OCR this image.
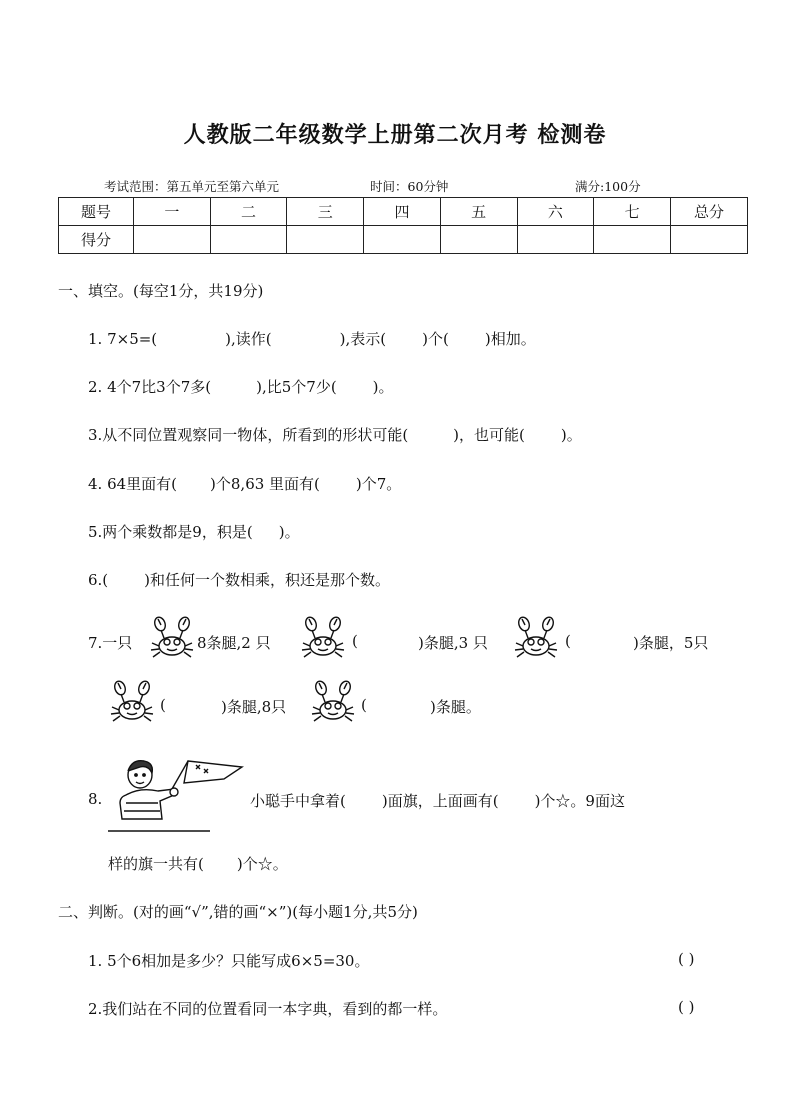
人教版二年级数学上册第二次月考 检测卷
考试范围：第五单元至第六单元	时间：60分钟	满分:100分
题号	一	二	三	四	五	六	七	总分
得分								
一、填空。(每空1分，共19分)
1. 7×5=(	),读作(	),表示( )个( )相加。
2. 4个7比3个7多(	),比5个7少( )。
3.从不同位置观察同一物体，所看到的形状可能(	)，也可能( )。
4. 64里面有( )个8,63 里面有( )个7。
5.两个乘数都是9，积是( )。
6.( )和任何一个数相乘，积还是那个数。
7.一只	8条腿,2 只	(	)条腿,3 只	(	)条腿，5只
(	)条腿,8只	(	)条腿。
8.	小聪手中拿着( )面旗，上面画有( )个☆。9面这
样的旗一共有( )个☆。
二、判断。(对的画“√”,错的画“×”)(每小题1分,共5分)
1. 5个6相加是多少？只能写成6×5=30。	( )
2.我们站在不同的位置看同一本字典，看到的都一样。	( )
